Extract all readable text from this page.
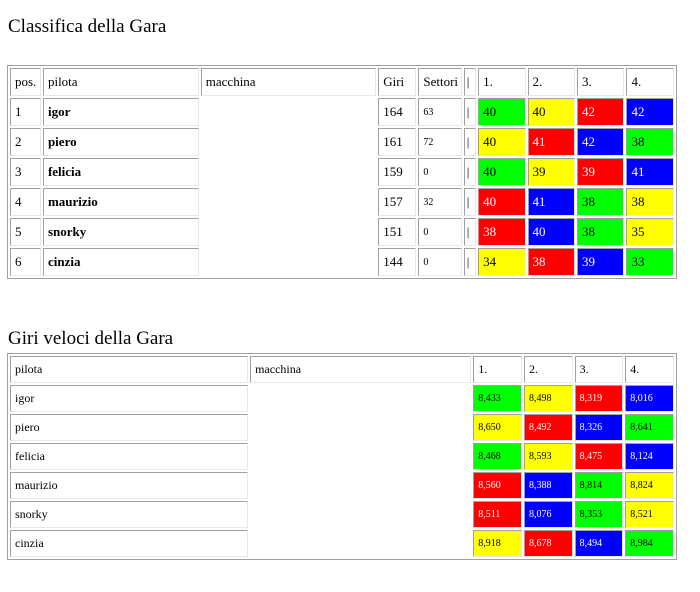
Classifica della Gara
pos.	pilota	macchina	Giri	Settori	|	1.	2.	3.	4.
1	igor		164	63	|	40	40	42	42
2	piero		161	72	|	40	41	42	38
3	felicia		159	0	|	40	39	39	41
4	maurizio		157	32	|	40	41	38	38
5	snorky		151	0	|	38	40	38	35
6	cinzia		144	0	|	34	38	39	33
Giri veloci della Gara
pilota	macchina	1.	2.	3.	4.
igor		8,433	8,498	8,319	8,016
piero		8,650	8,492	8,326	8,641
felicia		8,468	8,593	8,475	8,124
maurizio		8,560	8,388	8,814	8,824
snorky		8,511	8,076	8,353	8,521
cinzia		8,918	8,678	8,494	8,984
